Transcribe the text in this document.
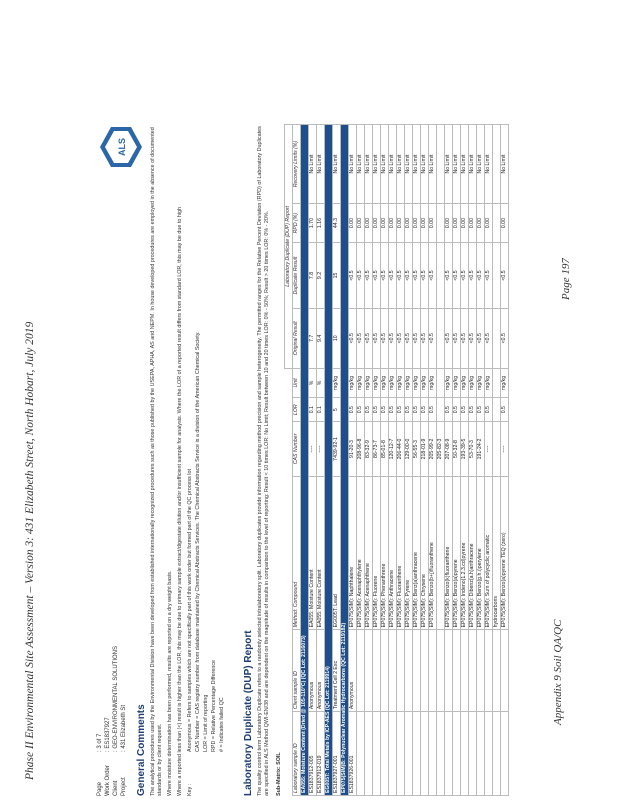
Phase II Environmental Site Assessment – Version 3: 431 Elizabeth Street, North Hobart, July 2019
Page 197
Appendix 9 Soil QA/QC
ALS
Page
: 3 of 7
Work Order
: ES1837927
Client
: GEO-ENVIRONMENTAL SOLUTIONS
Project
: 431 Elizabeth St General Comments The analytical procedures used by the Environmental Division have been developed from established internationally recognized procedures such as those published by the USEPA, APHA, AS and NEPM. In house developed procedures are employed in the absence of documented standards or by client request. Where moisture determination has been performed, results are reported on a dry weight basis. Where a reported less than (<) result is higher than the LOR, this may be due to primary sample extract/digestate dilution and/or insufficient sample for analysis. Where the LOR of a reported result differs from standard LOR, this may be due to high Key :
Anonymous = Refers to samples which are not specifically part of this work order but formed part of the QC process lot CAS Number = CAS registry number from database maintained by Chemical Abstracts Services. The Chemical Abstracts Service is a division of the American Chemical Society. LOR = Limit of reporting RPD = Relative Percentage Difference # = Indicates failed QC Laboratory Duplicate (DUP) Report The quality control term Laboratory Duplicate refers to a randomly selected intralaboratory split. Laboratory duplicates provide information regarding method precision and sample heterogeneity. The permitted ranges for the Relative Percent Deviation (RPD) of Laboratory Duplicates are specified in ALS Method QWI-EN/38 and are dependent on the magnitude of results in comparison to the level of reporting: Result < 10 times LOR: No Limit; Result between 10 and 20 times LOR: 0% - 50%; Result > 20 times LOR: 0% - 20%. Sub-Matrix: SOIL
						Laboratory Duplicate (DUP) Report			
Laboratory sample ID	Client sample ID	Method: Compound	CAS Number	LOR	Unit	Original Result	Duplicate Result	RPD (%)	Recovery Limits (%)
EA055: Moisture Content (Dried @ 105-110°C) (QC Lot: 2116073)									
ES1837912-005	Anonymous	EA055: Moisture Content	----	0.1	%	7.7	7.8	1.70	No Limit
ES1837912-019	Anonymous	EA055: Moisture Content	----	0.1	%	9.4	9.2	1.16	No Limit
EG005T: Total Metals by ICP-AES (QC Lot: 2119914)									
ES1837927-001	Treatment Cell 2 Exc	EG005T: Lead	7439-92-1	5	mg/kg	10	15	44.3	No Limit
EP075(SIM)B: Polynuclear Aromatic Hydrocarbons (QC Lot: 2119182)									
ES1837926-001	Anonymous	EP075(SIM): Naphthalene	91-20-3	0.5	mg/kg	<0.5	<0.5	0.00	No Limit
		EP075(SIM): Acenaphthylene	208-96-8	0.5	mg/kg	<0.5	<0.5	0.00	No Limit
		EP075(SIM): Acenaphthene	83-32-9	0.5	mg/kg	<0.5	<0.5	0.00	No Limit
		EP075(SIM): Fluorene	86-73-7	0.5	mg/kg	<0.5	<0.5	0.00	No Limit
		EP075(SIM): Phenanthrene	85-01-8	0.5	mg/kg	<0.5	<0.5	0.00	No Limit
		EP075(SIM): Anthracene	120-12-7	0.5	mg/kg	<0.5	<0.5	0.00	No Limit
		EP075(SIM): Fluoranthene	206-44-0	0.5	mg/kg	<0.5	<0.5	0.00	No Limit
		EP075(SIM): Pyrene	129-00-0	0.5	mg/kg	<0.5	<0.5	0.00	No Limit
		EP075(SIM): Benz(a)anthracene	56-55-3	0.5	mg/kg	<0.5	<0.5	0.00	No Limit
		EP075(SIM): Chrysene	218-01-9	0.5	mg/kg	<0.5	<0.5	0.00	No Limit
		EP075(SIM): Benzo(b+j)fluoranthene	205-99-2	0.5	mg/kg	<0.5	<0.5	0.00	No Limit
			205-82-3						
		EP075(SIM): Benzo(k)fluoranthene	207-08-9	0.5	mg/kg	<0.5	<0.5	0.00	No Limit
		EP075(SIM): Benzo(a)pyrene	50-32-8	0.5	mg/kg	<0.5	<0.5	0.00	No Limit
		EP075(SIM): Indeno(1.2.3.cd)pyrene	193-39-5	0.5	mg/kg	<0.5	<0.5	0.00	No Limit
		EP075(SIM): Dibenz(a.h)anthracene	53-70-3	0.5	mg/kg	<0.5	<0.5	0.00	No Limit
		EP075(SIM): Benzo(g.h.i)perylene	191-24-2	0.5	mg/kg	<0.5	<0.5	0.00	No Limit
		EP075(SIM): Sum of polycyclic aromatic	----	0.5	mg/kg	<0.5	<0.5	0.00	No Limit
		hydrocarbons							
		EP075(SIM): Benzo(a)pyrene TEQ (zero)	----	0.5	mg/kg	<0.5	<0.5	0.00	No Limit
